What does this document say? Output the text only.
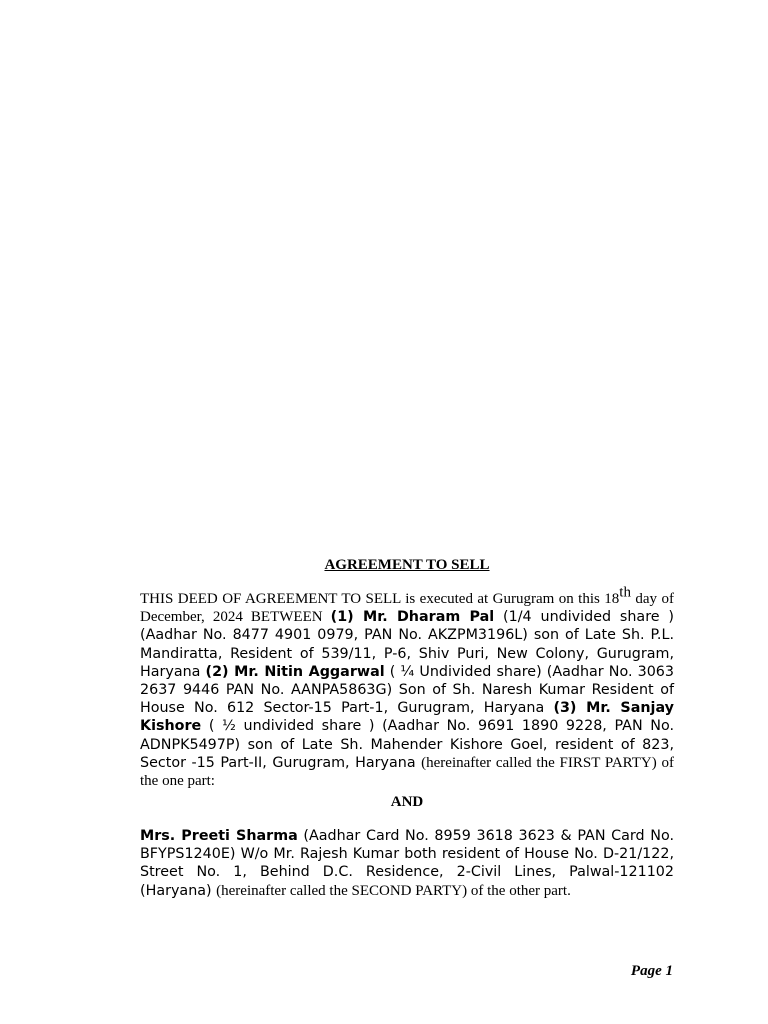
AGREEMENT TO SELL
THIS DEED OF AGREEMENT TO SELL is executed at Gurugram on this 18th day of December, 2024 BETWEEN (1) Mr. Dharam Pal (1/4 undivided share ) (Aadhar No. 8477 4901 0979, PAN No. AKZPM3196L) son of Late Sh. P.L. Mandiratta, Resident of 539/11, P-6, Shiv Puri, New Colony, Gurugram, Haryana (2) Mr. Nitin Aggarwal ( ¼ Undivided share) (Aadhar No. 3063 2637 9446 PAN No. AANPA5863G) Son of Sh. Naresh Kumar Resident of House No. 612 Sector-15 Part-1, Gurugram, Haryana (3) Mr. Sanjay Kishore ( ½ undivided share ) (Aadhar No. 9691 1890 9228, PAN No. ADNPK5497P) son of Late Sh. Mahender Kishore Goel, resident of 823, Sector -15 Part-II, Gurugram, Haryana (hereinafter called the FIRST PARTY) of the one part:
AND
Mrs. Preeti Sharma (Aadhar Card No. 8959 3618 3623 & PAN Card No. BFYPS1240E) W/o Mr. Rajesh Kumar both resident of House No. D-21/122, Street No. 1, Behind D.C. Residence, 2-Civil Lines, Palwal-121102 (Haryana) (hereinafter called the SECOND PARTY) of the other part.
Page 1
